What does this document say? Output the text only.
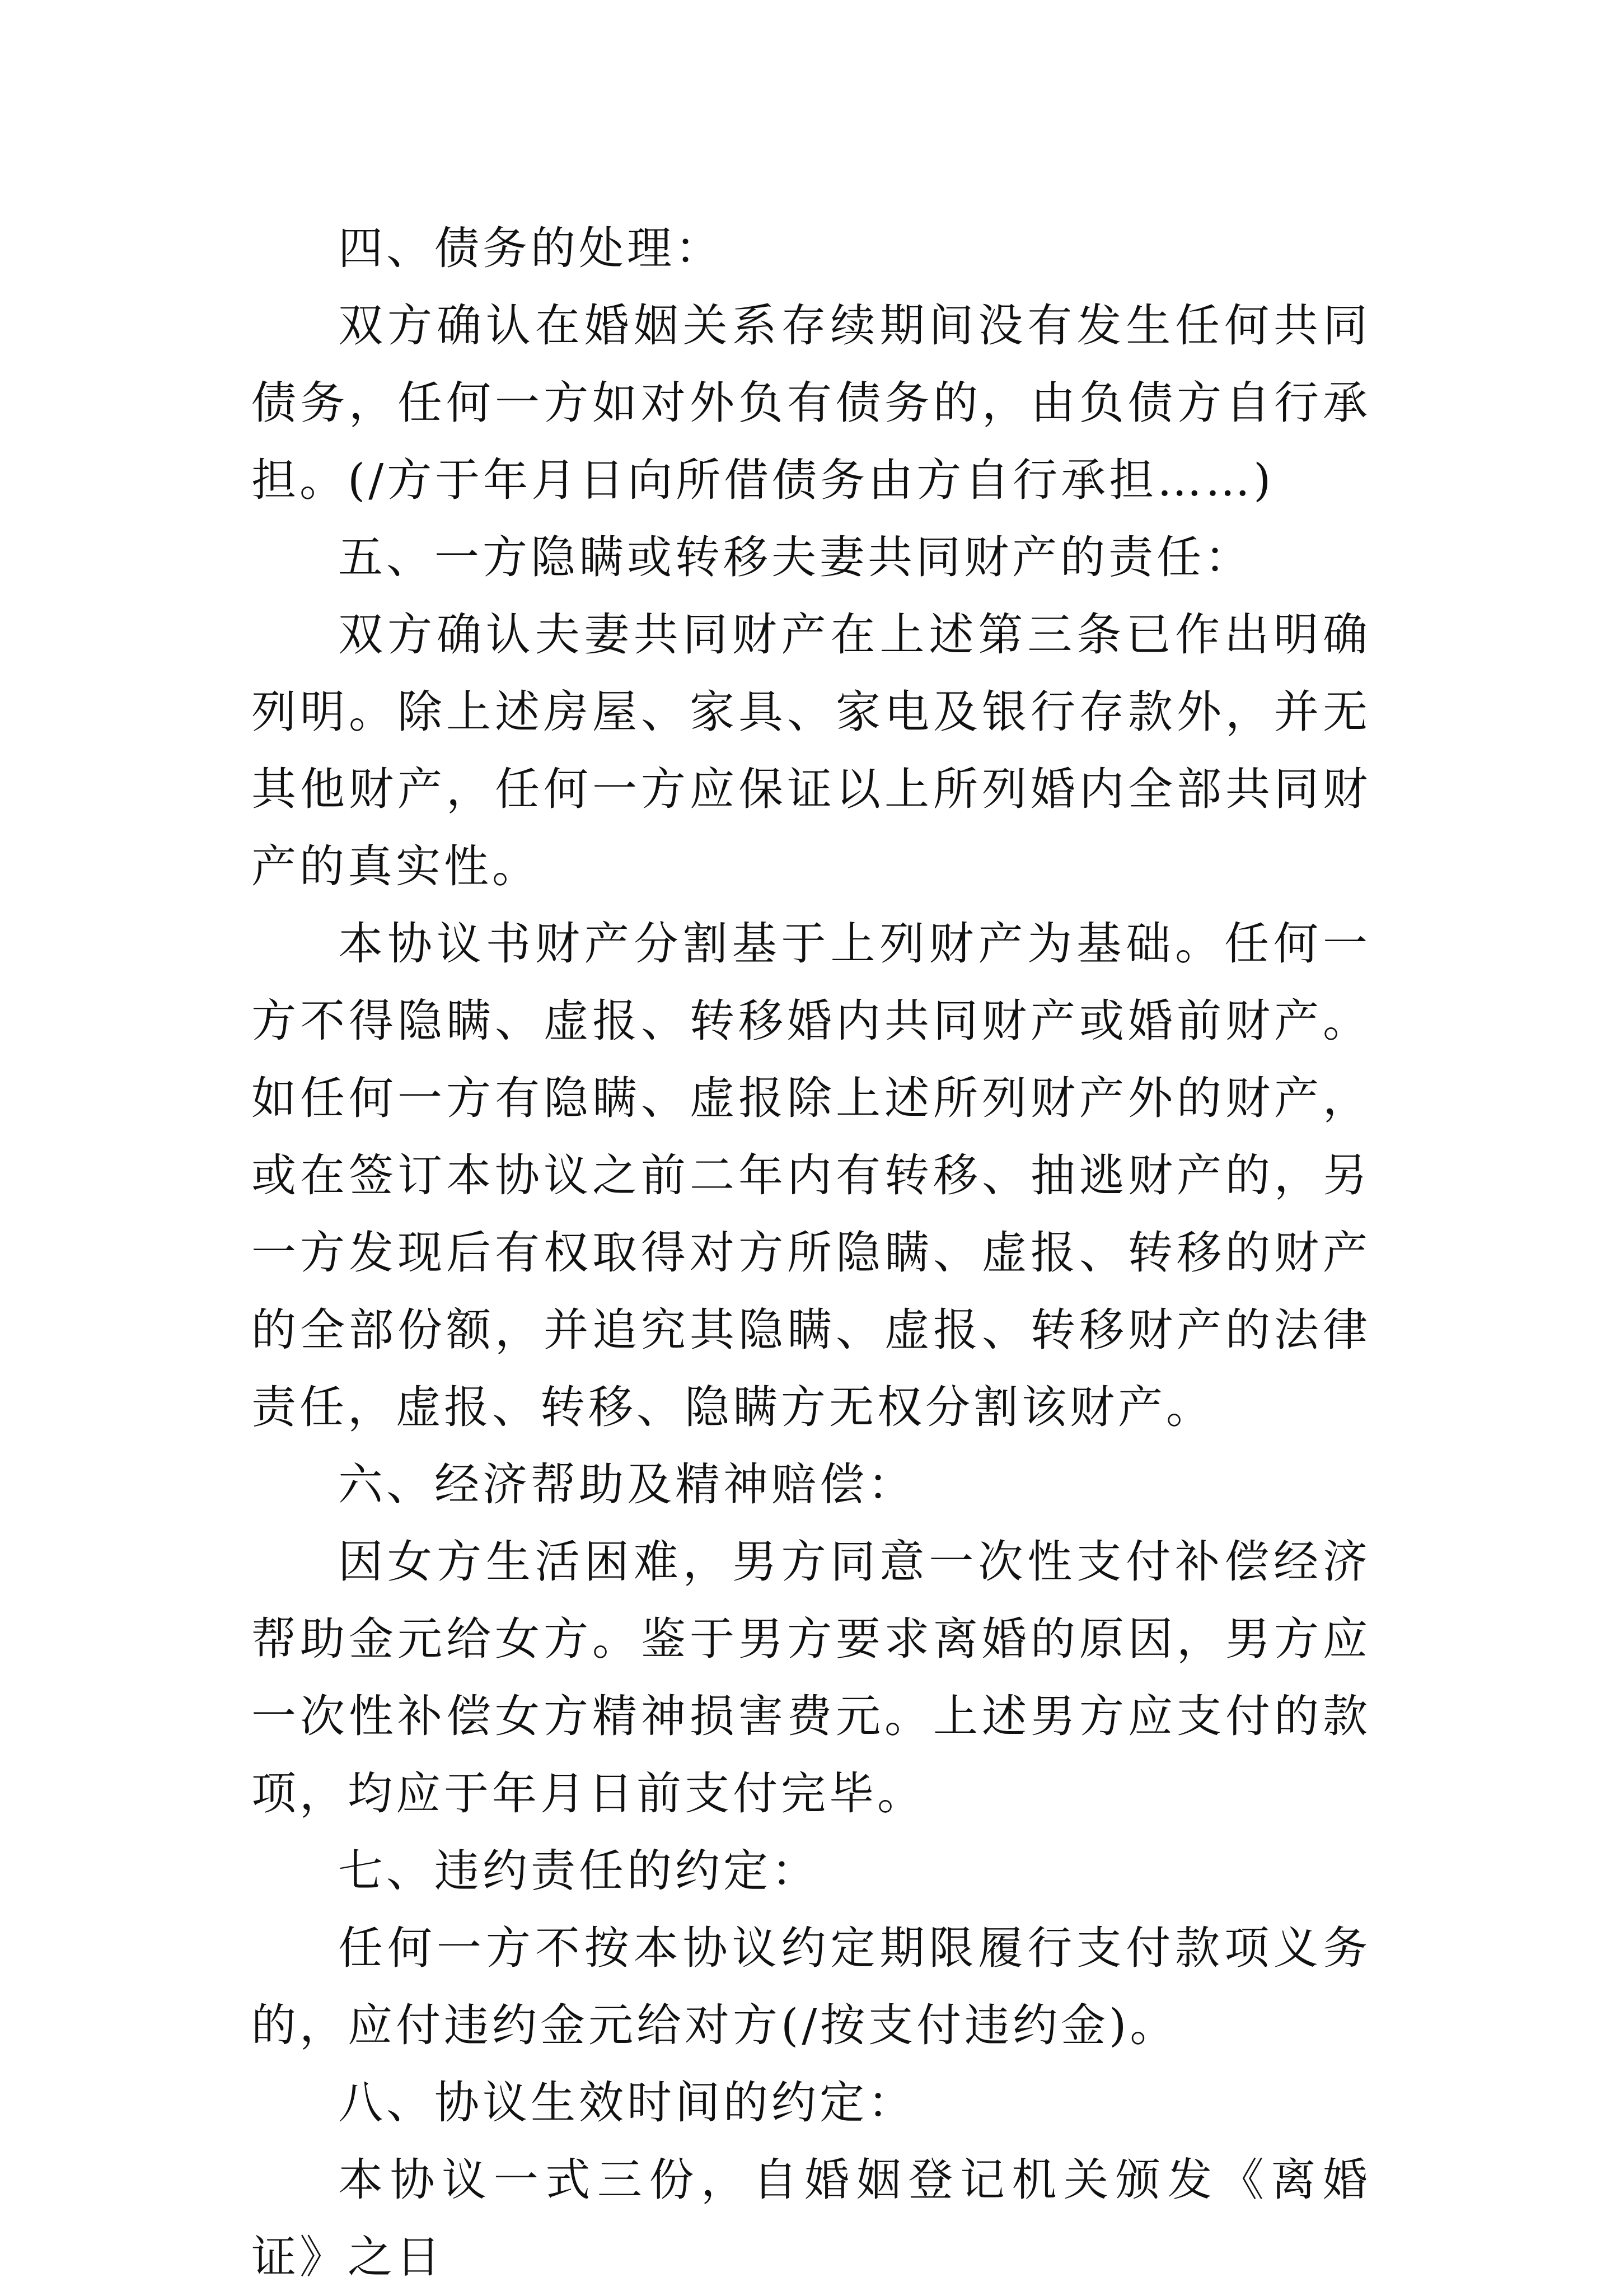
四、债务的处理：

双方确认在婚姻关系存续期间没有发生任何共同债务，任何一方如对外负有债务的，由负债方自行承担。(/方于年月日向所借债务由方自行承担……)

五、一方隐瞒或转移夫妻共同财产的责任：

双方确认夫妻共同财产在上述第三条已作出明确列明。除上述房屋、家具、家电及银行存款外，并无其他财产，任何一方应保证以上所列婚内全部共同财产的真实性。

本协议书财产分割基于上列财产为基础。任何一方不得隐瞒、虚报、转移婚内共同财产或婚前财产。如任何一方有隐瞒、虚报除上述所列财产外的财产，或在签订本协议之前二年内有转移、抽逃财产的，另一方发现后有权取得对方所隐瞒、虚报、转移的财产的全部份额，并追究其隐瞒、虚报、转移财产的法律责任，虚报、转移、隐瞒方无权分割该财产。

六、经济帮助及精神赔偿：

因女方生活困难，男方同意一次性支付补偿经济帮助金元给女方。鉴于男方要求离婚的原因，男方应一次性补偿女方精神损害费元。上述男方应支付的款项，均应于年月日前支付完毕。

七、违约责任的约定：

任何一方不按本协议约定期限履行支付款项义务的，应付违约金元给对方(/按支付违约金)。

八、协议生效时间的约定：

本协议一式三份，自婚姻登记机关颁发《离婚证》之日
